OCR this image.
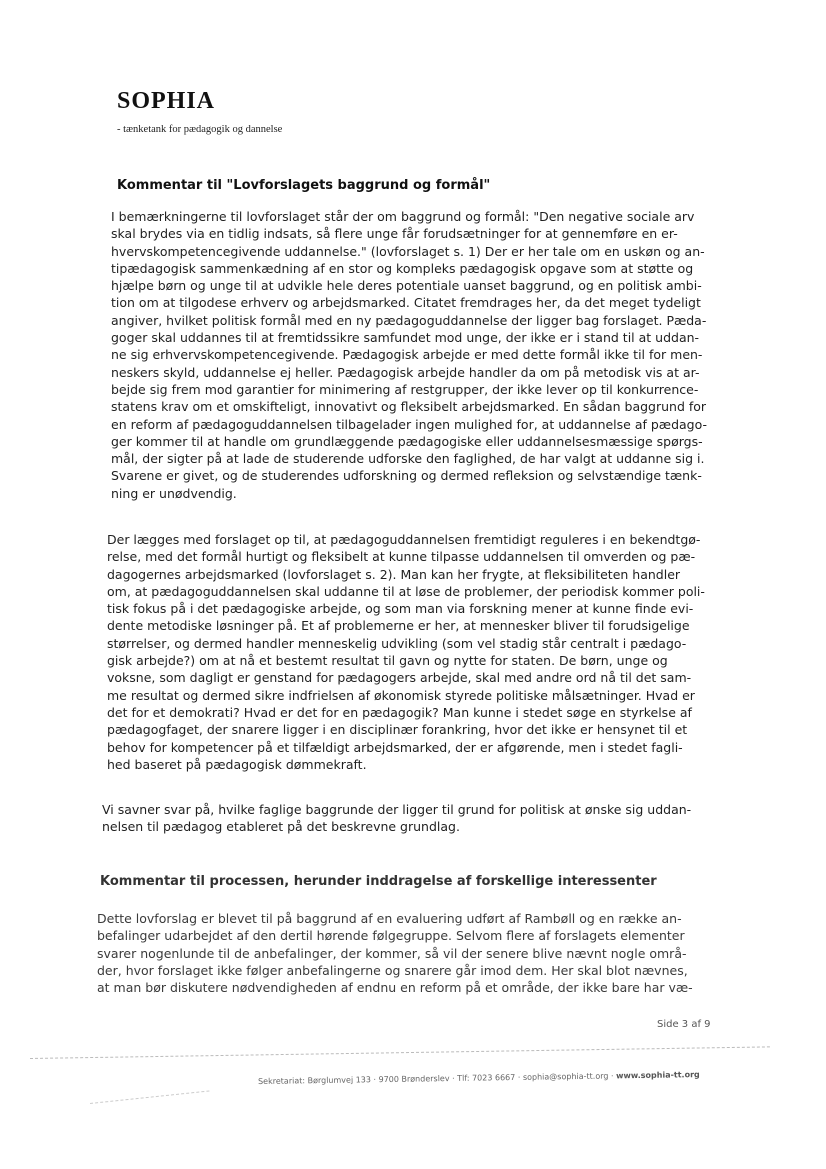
SOPHIA
- tænketank for pædagogik og dannelse
Kommentar til "Lovforslagets baggrund og formål"
I bemærkningerne til lovforslaget står der om baggrund og formål: "Den negative sociale arv
skal brydes via en tidlig indsats, så flere unge får forudsætninger for at gennemføre en er-
hvervskompetencegivende uddannelse." (lovforslaget s. 1) Der er her tale om en uskøn og an-
tipædagogisk sammenkædning af en stor og kompleks pædagogisk opgave som at støtte og
hjælpe børn og unge til at udvikle hele deres potentiale uanset baggrund, og en politisk ambi-
tion om at tilgodese erhverv og arbejdsmarked. Citatet fremdrages her, da det meget tydeligt
angiver, hvilket politisk formål med en ny pædagoguddannelse der ligger bag forslaget. Pæda-
goger skal uddannes til at fremtidssikre samfundet mod unge, der ikke er i stand til at uddan-
ne sig erhvervskompetencegivende. Pædagogisk arbejde er med dette formål ikke til for men-
neskers skyld, uddannelse ej heller. Pædagogisk arbejde handler da om på metodisk vis at ar-
bejde sig frem mod garantier for minimering af restgrupper, der ikke lever op til konkurrence-
statens krav om et omskifteligt, innovativt og fleksibelt arbejdsmarked. En sådan baggrund for
en reform af pædagoguddannelsen tilbagelader ingen mulighed for, at uddannelse af pædago-
ger kommer til at handle om grundlæggende pædagogiske eller uddannelsesmæssige spørgs-
mål, der sigter på at lade de studerende udforske den faglighed, de har valgt at uddanne sig i.
Svarene er givet, og de studerendes udforskning og dermed refleksion og selvstændige tænk-
ning er unødvendig.
Der lægges med forslaget op til, at pædagoguddannelsen fremtidigt reguleres i en bekendtgø-
relse, med det formål hurtigt og fleksibelt at kunne tilpasse uddannelsen til omverden og pæ-
dagogernes arbejdsmarked (lovforslaget s. 2). Man kan her frygte, at fleksibiliteten handler
om, at pædagoguddannelsen skal uddanne til at løse de problemer, der periodisk kommer poli-
tisk fokus på i det pædagogiske arbejde, og som man via forskning mener at kunne finde evi-
dente metodiske løsninger på. Et af problemerne er her, at mennesker bliver til forudsigelige
størrelser, og dermed handler menneskelig udvikling (som vel stadig står centralt i pædago-
gisk arbejde?) om at nå et bestemt resultat til gavn og nytte for staten. De børn, unge og
voksne, som dagligt er genstand for pædagogers arbejde, skal med andre ord nå til det sam-
me resultat og dermed sikre indfrielsen af økonomisk styrede politiske målsætninger. Hvad er
det for et demokrati? Hvad er det for en pædagogik? Man kunne i stedet søge en styrkelse af
pædagogfaget, der snarere ligger i en disciplinær forankring, hvor det ikke er hensynet til et
behov for kompetencer på et tilfældigt arbejdsmarked, der er afgørende, men i stedet fagli-
hed baseret på pædagogisk dømmekraft.
Vi savner svar på, hvilke faglige baggrunde der ligger til grund for politisk at ønske sig uddan-
nelsen til pædagog etableret på det beskrevne grundlag.
Kommentar til processen, herunder inddragelse af forskellige interessenter
Dette lovforslag er blevet til på baggrund af en evaluering udført af Rambøll og en række an-
befalinger udarbejdet af den dertil hørende følgegruppe. Selvom flere af forslagets elementer
svarer nogenlunde til de anbefalinger, der kommer, så vil der senere blive nævnt nogle områ-
der, hvor forslaget ikke følger anbefalingerne og snarere går imod dem. Her skal blot nævnes,
at man bør diskutere nødvendigheden af endnu en reform på et område, der ikke bare har væ-
Side 3 af 9
Sekretariat: Børglumvej 133 · 9700 Brønderslev · Tlf: 7023 6667 · sophia@sophia-tt.org · www.sophia-tt.org
